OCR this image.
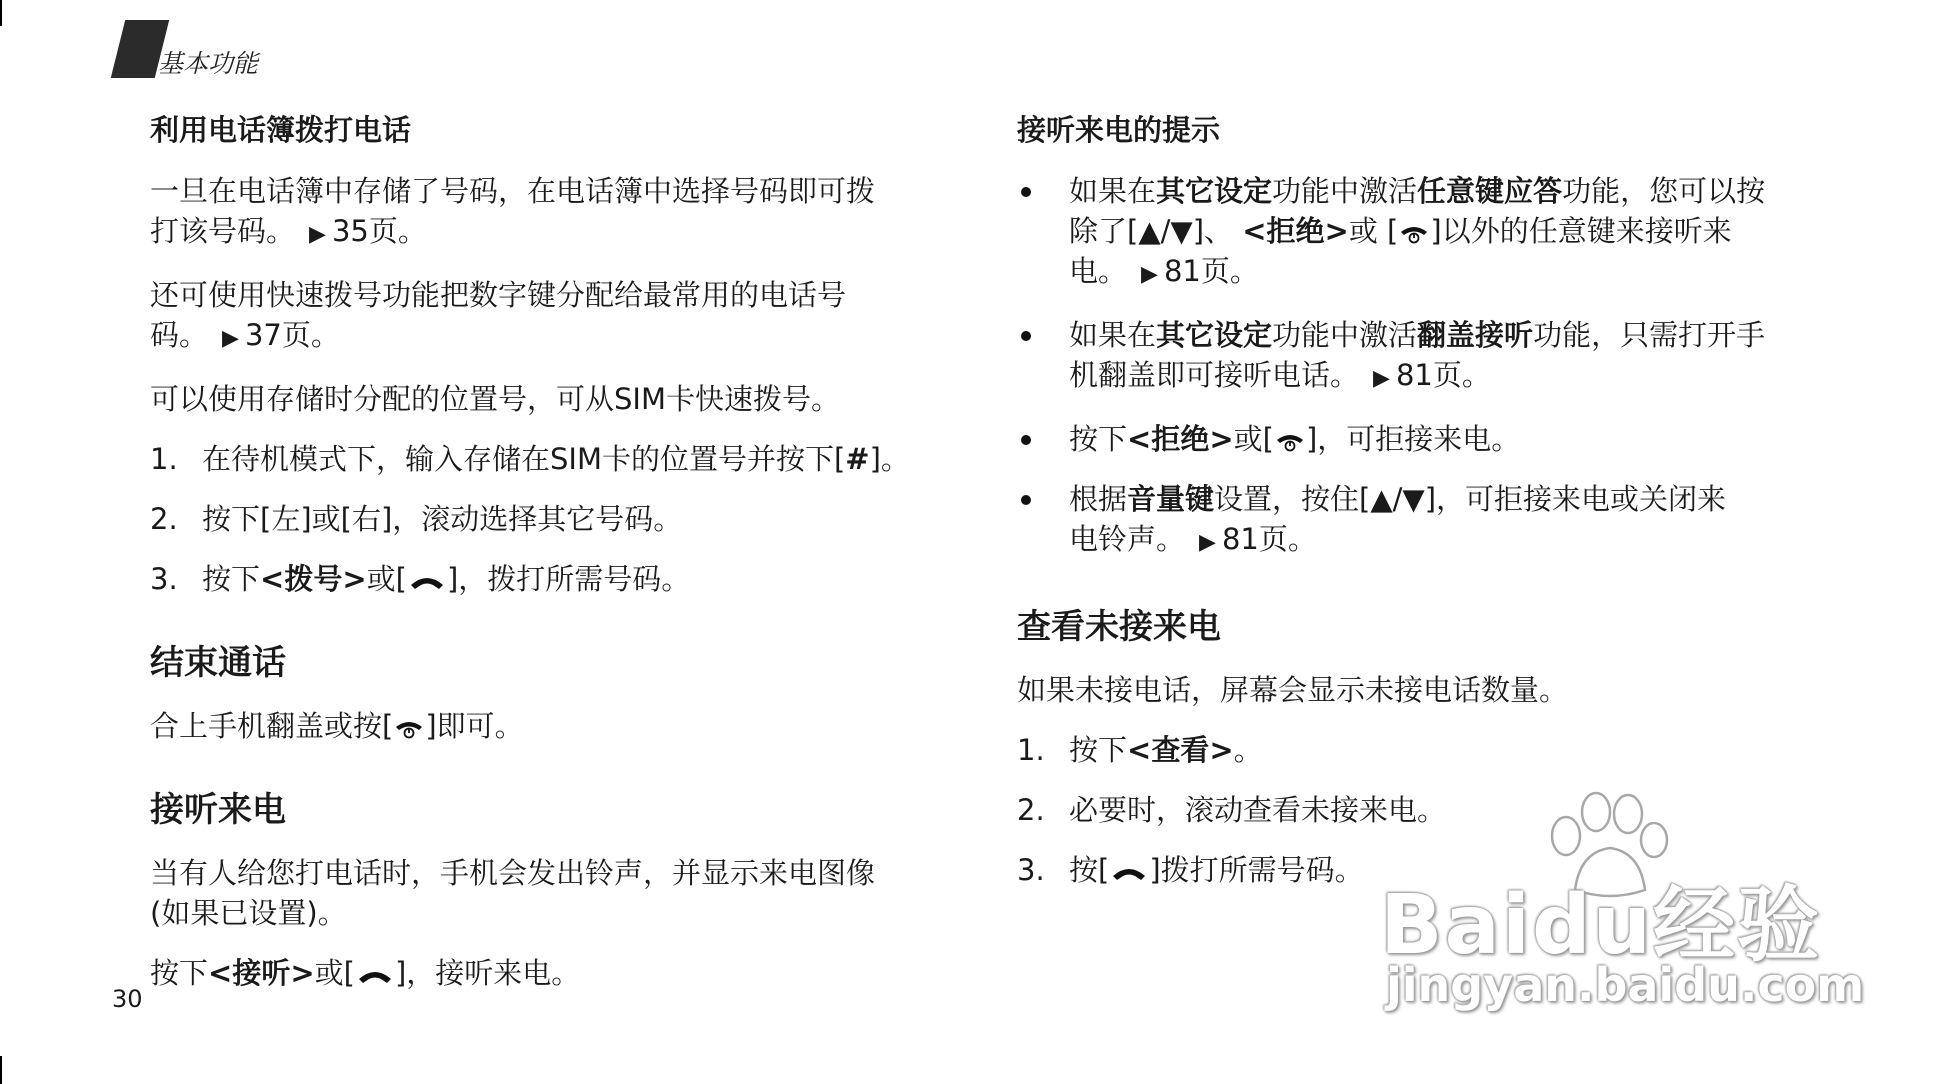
基本功能
利用电话簿拨打电话

一旦在电话簿中存储了号码，在电话簿中选择号码即可拨
打该号码。 ▶ 35页。

还可使用快速拨号功能把数字键分配给最常用的电话号
码。 ▶ 37页。

可以使用存储时分配的位置号，可从SIM卡快速拨号。

1. 在待机模式下，输入存储在SIM卡的位置号并按下[#]。
2. 按下[左]或[右]，滚动选择其它号码。
3. 按下<拨号>或[ ]，拨打所需号码。
结束通话

合上手机翻盖或按[ ]即可。

接听来电

当有人给您打电话时，手机会发出铃声，并显示来电图像
(如果已设置)。

按下<接听>或[ ]，接听来电。

接听来电的提示
如果在其它设定功能中激活任意键应答功能，您可以按
除了[▲/▼]、 <拒绝>或 [ ]以外的任意键来接听来
电。 ▶ 81页。
如果在其它设定功能中激活翻盖接听功能，只需打开手
机翻盖即可接听电话。 ▶ 81页。
按下<拒绝>或[ ]，可拒接来电。
根据音量键设置，按住[▲/▼]，可拒接来电或关闭来
电铃声。 ▶ 81页。
查看未接来电

如果未接电话，屏幕会显示未接电话数量。

1. 按下<查看>。
2. 必要时，滚动查看未接来电。
3. 按[ ]拨打所需号码。
30
Baidu经验
jingyan.baidu.com
